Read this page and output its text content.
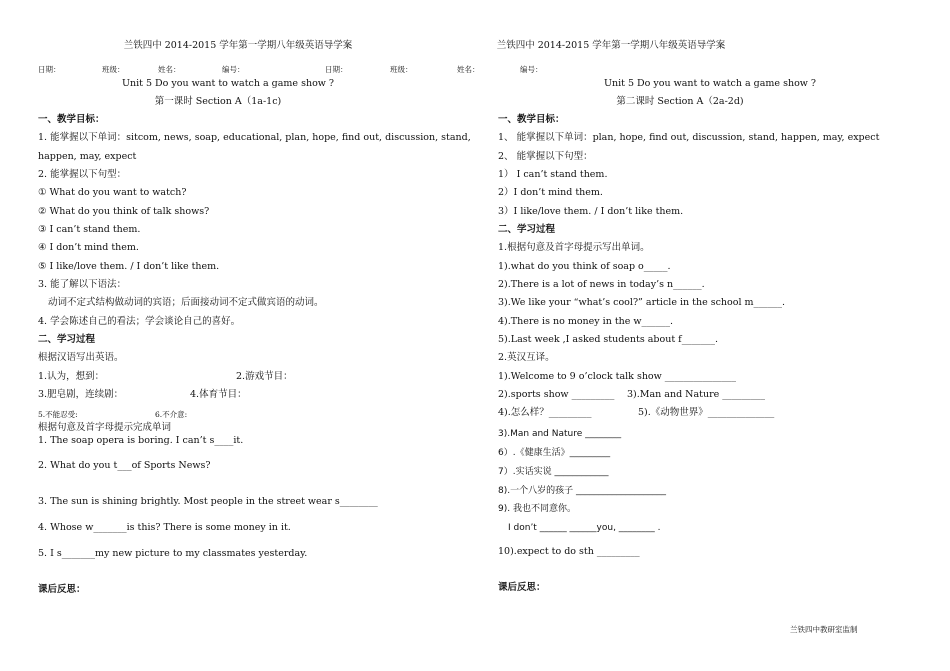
兰铁四中 2014-2015 学年第一学期八年级英语导学案
日期：	班级：	姓名：	编号：
Unit 5 Do you want to watch a game show ?
第一课时 Section A（1a-1c)
一、教学目标：
1. 能掌握以下单词：sitcom, news, soap, educational, plan, hope, find out, discussion, stand,
happen, may, expect
2. 能掌握以下句型：
① What do you want to watch?
② What do you think of talk shows?
③ I can’t stand them.
④ I don’t mind them.
⑤ I like/love them. / I don’t like them.
3. 能了解以下语法：
动词不定式结构做动词的宾语；后面接动词不定式做宾语的动词。
4. 学会陈述自己的看法；学会谈论自己的喜好。
二、学习过程
根据汉语写出英语。
1.认为，想到：	2.游戏节目：
3.肥皂剧，连续剧：	4.体育节目：
5.不能忍受:	6.不介意:
根据句意及首字母提示完成单词
1. The soap opera is boring. I can’t s____it.
2. What do you t___of Sports News?
3. The sun is shining brightly. Most people in the street wear s________
4. Whose w_______is this? There is some money in it.
5. I s_______my new picture to my classmates yesterday.
课后反思：
兰铁四中 2014-2015 学年第一学期八年级英语导学案
日期：	班级：	姓名：	编号：
Unit 5 Do you want to watch a game show ?
第二课时 Section A（2a-2d)
一、教学目标：
1、 能掌握以下单词：plan, hope, find out, discussion, stand, happen, may, expect
2、 能掌握以下句型：
1） I can’t stand them.
2）I don’t mind them.
3）I like/love them. / I don’t like them.
二、学习过程
1.根据句意及首字母提示写出单词。
1).what do you think of soap o_____.
2).There is a lot of news in today’s n______.
3).We like your “what’s cool?” article in the school m______.
4).There is no money in the w______.
5).Last week ,I asked students about f_______.
2.英汉互译。
1).Welcome to 9 o’clock talk show _______________
2).sports show _________ 3).Man and Nature _________
4).怎么样？_________	5).《动物世界》______________
3).Man and Nature ________
6）.《健康生活》_________
7）.实话实说 ____________
8).一个八岁的孩子 ____________________
9). 我也不同意你。
I don’t ______ ______you, ________ .
10).expect to do sth _________
课后反思：
兰铁四中教研室监制
